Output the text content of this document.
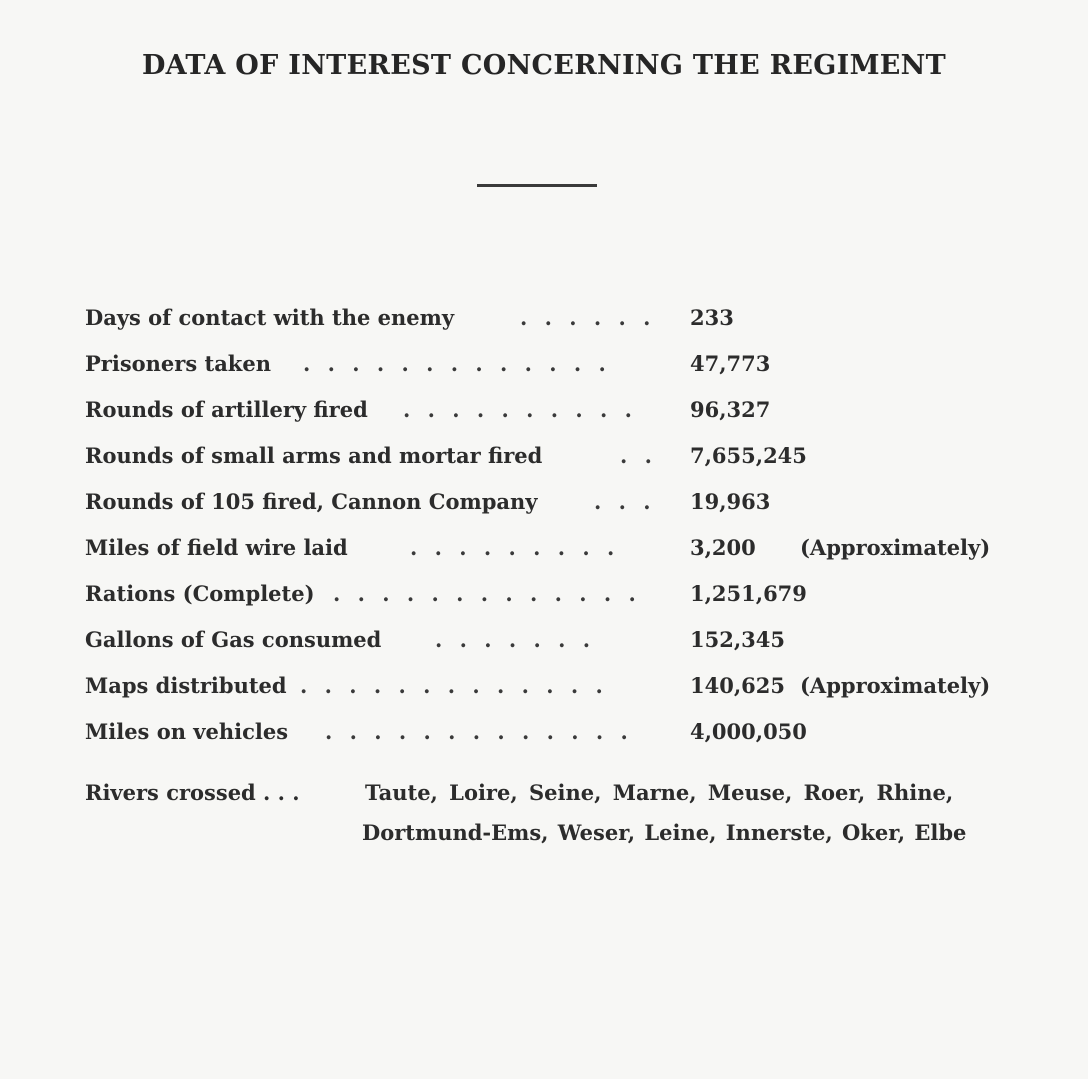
DATA OF INTEREST CONCERNING THE REGIMENT
Days of contact with the enemy	. . . . . .	233
Prisoners taken . . . . . . . . . . . . .	47,773
Rounds of artillery fired . . . . . . . . . .	96,327
Rounds of small arms and mortar fired	. .	7,655,245
Rounds of 105 fired, Cannon Company	. . .	19,963
Miles of field wire laid	. . . . . . . . .	3,200 (Approximately)
Rations (Complete) . . . . . . . . . . . . .	1,251,679
Gallons of Gas consumed	. . . . . . .	152,345
Maps distributed . . . . . . . . . . . . .	140,625 (Approximately)
Miles on vehicles . . . . . . . . . . . . .	4,000,050
Rivers crossed . . .	Taute, Loire, Seine, Marne, Meuse, Roer, Rhine,
Dortmund-Ems, Weser, Leine, Innerste, Oker, Elbe
